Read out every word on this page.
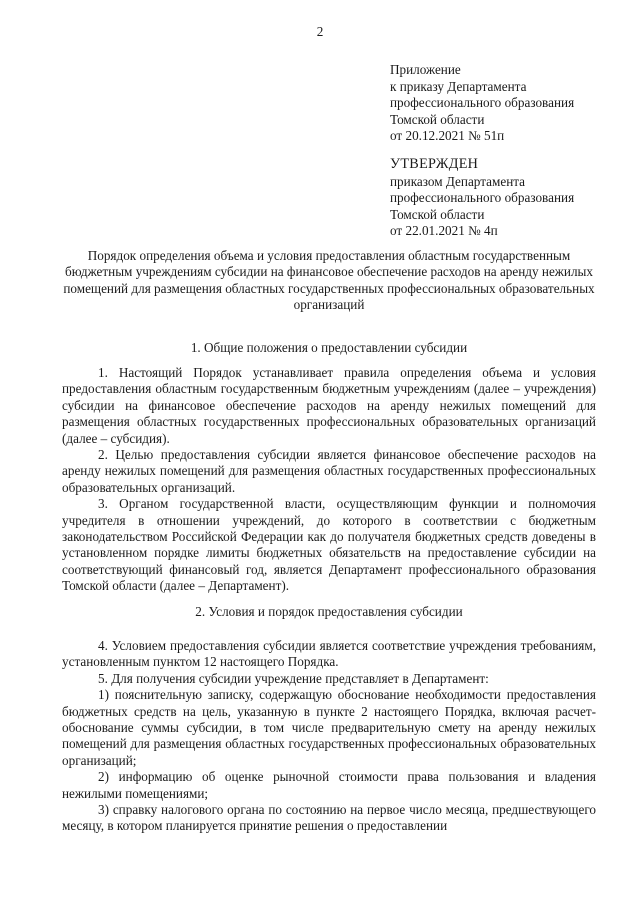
2
Приложение
к приказу Департамента
профессионального образования
Томской области
от 20.12.2021 № 51п
УТВЕРЖДЕН
приказом Департамента
профессионального образования
Томской области
от 22.01.2021 № 4п
Порядок определения объема и условия предоставления областным государственным бюджетным учреждениям субсидии на финансовое обеспечение расходов на аренду нежилых помещений для размещения областных государственных профессиональных образовательных организаций
1. Общие положения о предоставлении субсидии

1. Настоящий Порядок устанавливает правила определения объема и условия предоставления областным государственным бюджетным учреждениям (далее – учреждения) субсидии на финансовое обеспечение расходов на аренду нежилых помещений для размещения областных государственных профессиональных образовательных организаций (далее – субсидия).

2. Целью предоставления субсидии является финансовое обеспечение расходов на аренду нежилых помещений для размещения областных государственных профессиональных образовательных организаций.

3. Органом государственной власти, осуществляющим функции и полномочия учредителя в отношении учреждений, до которого в соответствии с бюджетным законодательством Российской Федерации как до получателя бюджетных средств доведены в установленном порядке лимиты бюджетных обязательств на предоставление субсидии на соответствующий финансовый год, является Департамент профессионального образования Томской области (далее – Департамент).

2. Условия и порядок предоставления субсидии

4. Условием предоставления субсидии является соответствие учреждения требованиям, установленным пунктом 12 настоящего Порядка.

5. Для получения субсидии учреждение представляет в Департамент:

1) пояснительную записку, содержащую обоснование необходимости предоставления бюджетных средств на цель, указанную в пункте 2 настоящего Порядка, включая расчет-обоснование суммы субсидии, в том числе предварительную смету на аренду нежилых помещений для размещения областных государственных профессиональных образовательных организаций;

2) информацию об оценке рыночной стоимости права пользования и владения нежилыми помещениями;

3) справку налогового органа по состоянию на первое число месяца, предшествующего месяцу, в котором планируется принятие решения о предоставлении
